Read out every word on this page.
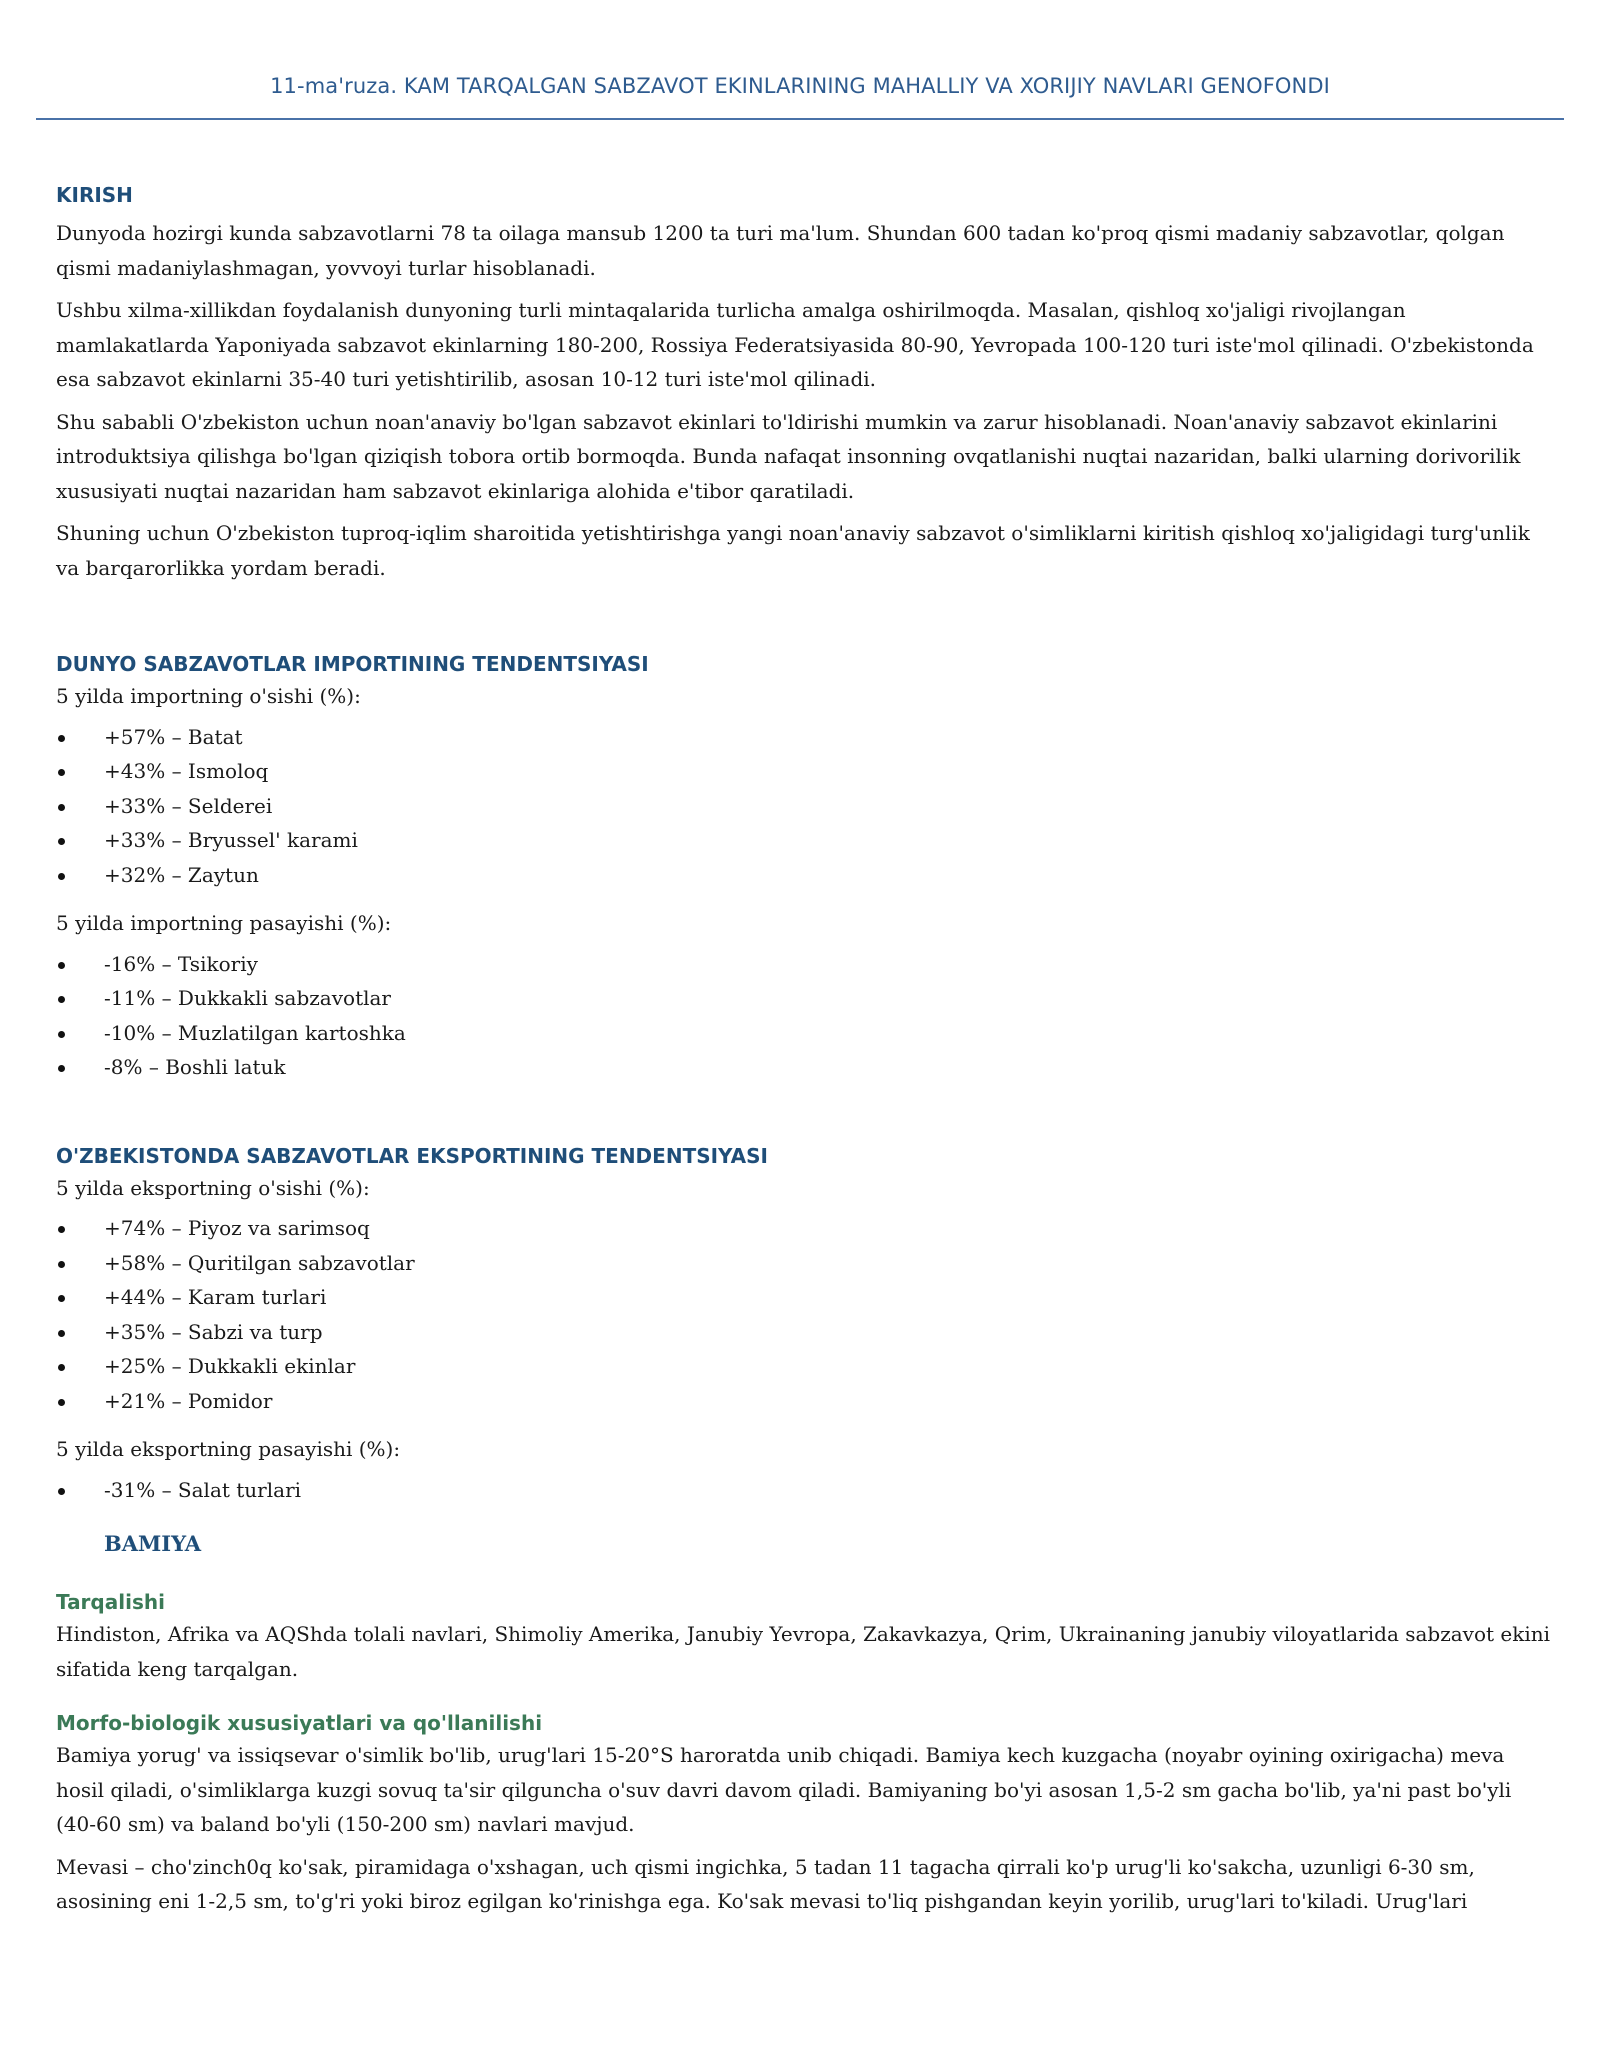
11-ma'ruza. KAM TARQALGAN SABZAVOT EKINLARINING MAHALLIY VA XORIJIY NAVLARI GENOFONDI
KIRISH

Dunyoda hozirgi kunda sabzavotlarni 78 ta oilaga mansub 1200 ta turi ma'lum. Shundan 600 tadan ko'proq qismi madaniy sabzavotlar, qolgan qismi madaniylashmagan, yovvoyi turlar hisoblanadi.

Ushbu xilma-xillikdan foydalanish dunyoning turli mintaqalarida turlicha amalga oshirilmoqda. Masalan, qishloq xo'jaligi rivojlangan mamlakatlarda Yaponiyada sabzavot ekinlarning 180-200, Rossiya Federatsiyasida 80-90, Yevropada 100-120 turi iste'mol qilinadi. O'zbekistonda esa sabzavot ekinlarni 35-40 turi yetishtirilib, asosan 10-12 turi iste'mol qilinadi.

Shu sababli O'zbekiston uchun noan'anaviy bo'lgan sabzavot ekinlari to'ldirishi mumkin va zarur hisoblanadi. Noan'anaviy sabzavot ekinlarini introduktsiya qilishga bo'lgan qiziqish tobora ortib bormoqda. Bunda nafaqat insonning ovqatlanishi nuqtai nazaridan, balki ularning dorivorilik xususiyati nuqtai nazaridan ham sabzavot ekinlariga alohida e'tibor qaratiladi.

Shuning uchun O'zbekiston tuproq-iqlim sharoitida yetishtirishga yangi noan'anaviy sabzavot o'simliklarni kiritish qishloq xo'jaligidagi turg'unlik va barqarorlikka yordam beradi.

DUNYO SABZAVOTLAR IMPORTINING TENDENTSIYASI

5 yilda importning o'sishi (%):

+57% – Batat
+43% – Ismoloq
+33% – Selderei
+33% – Bryussel' karami
+32% – Zaytun

5 yilda importning pasayishi (%):

-16% – Tsikoriy
-11% – Dukkakli sabzavotlar
-10% – Muzlatilgan kartoshka
-8% – Boshli latuk
O'ZBEKISTONDA SABZAVOTLAR EKSPORTINING TENDENTSIYASI

5 yilda eksportning o'sishi (%):

+74% – Piyoz va sarimsoq
+58% – Quritilgan sabzavotlar
+44% – Karam turlari
+35% – Sabzi va turp
+25% – Dukkakli ekinlar
+21% – Pomidor

5 yilda eksportning pasayishi (%):

-31% – Salat turlari
BAMIYA
Tarqalishi

Hindiston, Afrika va AQShda tolali navlari, Shimoliy Amerika, Janubiy Yevropa, Zakavkazya, Qrim, Ukrainaning janubiy viloyatlarida sabzavot ekini sifatida keng tarqalgan.

Morfo-biologik xususiyatlari va qo'llanilishi

Bamiya yorug' va issiqsevar o'simlik bo'lib, urug'lari 15-20°S haroratda unib chiqadi. Bamiya kech kuzgacha (noyabr oyining oxirigacha) meva hosil qiladi, o'simliklarga kuzgi sovuq ta'sir qilguncha o'suv davri davom qiladi. Bamiyaning bo'yi asosan 1,5-2 sm gacha bo'lib, ya'ni past bo'yli (40-60 sm) va baland bo'yli (150-200 sm) navlari mavjud.

Mevasi – cho'zinch0q ko'sak, piramidaga o'xshagan, uch qismi ingichka, 5 tadan 11 tagacha qirrali ko'p urug'li ko'sakcha, uzunligi 6-30 sm, asosining eni 1-2,5 sm, to'g'ri yoki biroz egilgan ko'rinishga ega. Ko'sak mevasi to'liq pishgandan keyin yorilib, urug'lari to'kiladi. Urug'lari
